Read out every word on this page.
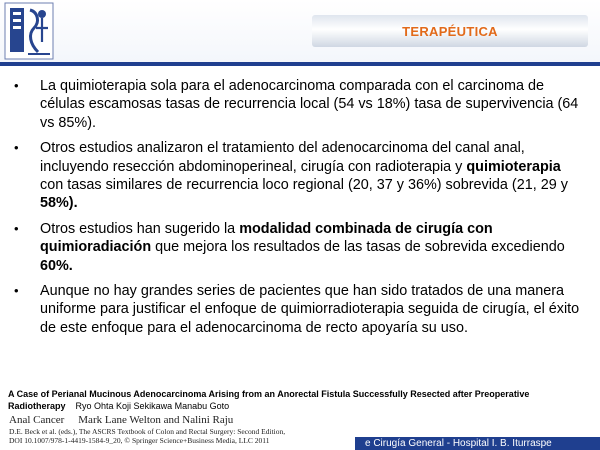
TERAPÉUTICA
• La quimioterapia sola para el adenocarcinoma comparada con el carcinoma de células escamosas tasas de recurrencia local (54 vs 18%) tasa de supervivencia (64 vs 85%).
• Otros estudios analizaron el tratamiento del adenocarcinoma del canal anal, incluyendo resección abdominoperineal, cirugía con radioterapia y quimioterapia con tasas similares de recurrencia loco regional (20, 37 y 36%) sobrevida (21, 29 y 58%).
• Otros estudios han sugerido la modalidad combinada de cirugía con quimioradiación que mejora los resultados de las tasas de sobrevida excediendo 60%.
• Aunque no hay grandes series de pacientes que han sido tratados de una manera uniforme para justificar el enfoque de quimiorradioterapia seguida de cirugía, el éxito de este enfoque para el adenocarcinoma de recto apoyaría su uso.
A Case of Perianal Mucinous Adenocarcinoma Arising from an Anorectal Fistula Successfully Resected after Preoperative Radiotherapy Ryo Ohta Koji Sekikawa Manabu Goto
Anal Cancer Mark Lane Welton and Nalini Raju
D.E. Beck et al. (eds.), The ASCRS Textbook of Colon and Rectal Surgery: Second Edition,
DOI 10.1007/978-1-4419-1584-9_20, © Springer Science+Business Media, LLC 2011	e Cirugía General - Hospital I. B. Iturraspe
